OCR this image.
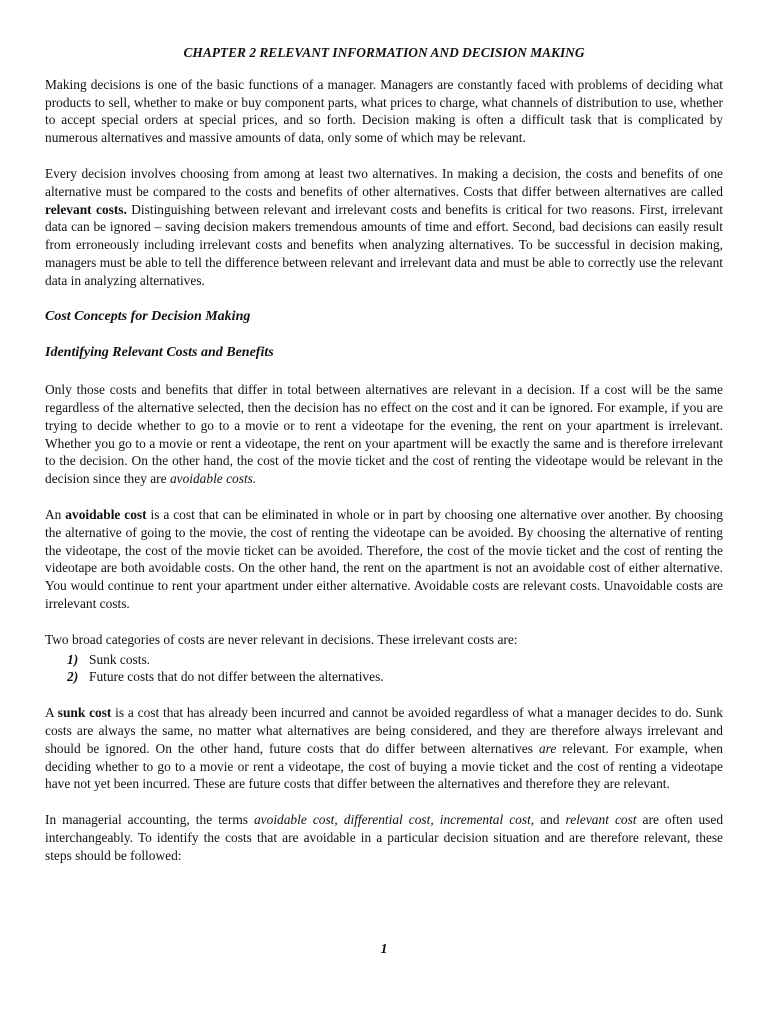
CHAPTER 2 RELEVANT INFORMATION AND DECISION MAKING

Making decisions is one of the basic functions of a manager. Managers are constantly faced with problems of deciding what products to sell, whether to make or buy component parts, what prices to charge, what channels of distribution to use, whether to accept special orders at special prices, and so forth. Decision making is often a difficult task that is complicated by numerous alternatives and massive amounts of data, only some of which may be relevant.

Every decision involves choosing from among at least two alternatives. In making a decision, the costs and benefits of one alternative must be compared to the costs and benefits of other alternatives. Costs that differ between alternatives are called relevant costs. Distinguishing between relevant and irrelevant costs and benefits is critical for two reasons. First, irrelevant data can be ignored – saving decision makers tremendous amounts of time and effort. Second, bad decisions can easily result from erroneously including irrelevant costs and benefits when analyzing alternatives. To be successful in decision making, managers must be able to tell the difference between relevant and irrelevant data and must be able to correctly use the relevant data in analyzing alternatives.

Cost Concepts for Decision Making
Identifying Relevant Costs and Benefits

Only those costs and benefits that differ in total between alternatives are relevant in a decision. If a cost will be the same regardless of the alternative selected, then the decision has no effect on the cost and it can be ignored. For example, if you are trying to decide whether to go to a movie or to rent a videotape for the evening, the rent on your apartment is irrelevant. Whether you go to a movie or rent a videotape, the rent on your apartment will be exactly the same and is therefore irrelevant to the decision. On the other hand, the cost of the movie ticket and the cost of renting the videotape would be relevant in the decision since they are avoidable costs.

An avoidable cost is a cost that can be eliminated in whole or in part by choosing one alternative over another. By choosing the alternative of going to the movie, the cost of renting the videotape can be avoided. By choosing the alternative of renting the videotape, the cost of the movie ticket can be avoided. Therefore, the cost of the movie ticket and the cost of renting the videotape are both avoidable costs. On the other hand, the rent on the apartment is not an avoidable cost of either alternative. You would continue to rent your apartment under either alternative. Avoidable costs are relevant costs. Unavoidable costs are irrelevant costs.

Two broad categories of costs are never relevant in decisions. These irrelevant costs are:

1) Sunk costs.
2) Future costs that do not differ between the alternatives.

A sunk cost is a cost that has already been incurred and cannot be avoided regardless of what a manager decides to do. Sunk costs are always the same, no matter what alternatives are being considered, and they are therefore always irrelevant and should be ignored. On the other hand, future costs that do differ between alternatives are relevant. For example, when deciding whether to go to a movie or rent a videotape, the cost of buying a movie ticket and the cost of renting a videotape have not yet been incurred. These are future costs that differ between the alternatives and therefore they are relevant.

In managerial accounting, the terms avoidable cost, differential cost, incremental cost, and relevant cost are often used interchangeably. To identify the costs that are avoidable in a particular decision situation and are therefore relevant, these steps should be followed:

1
